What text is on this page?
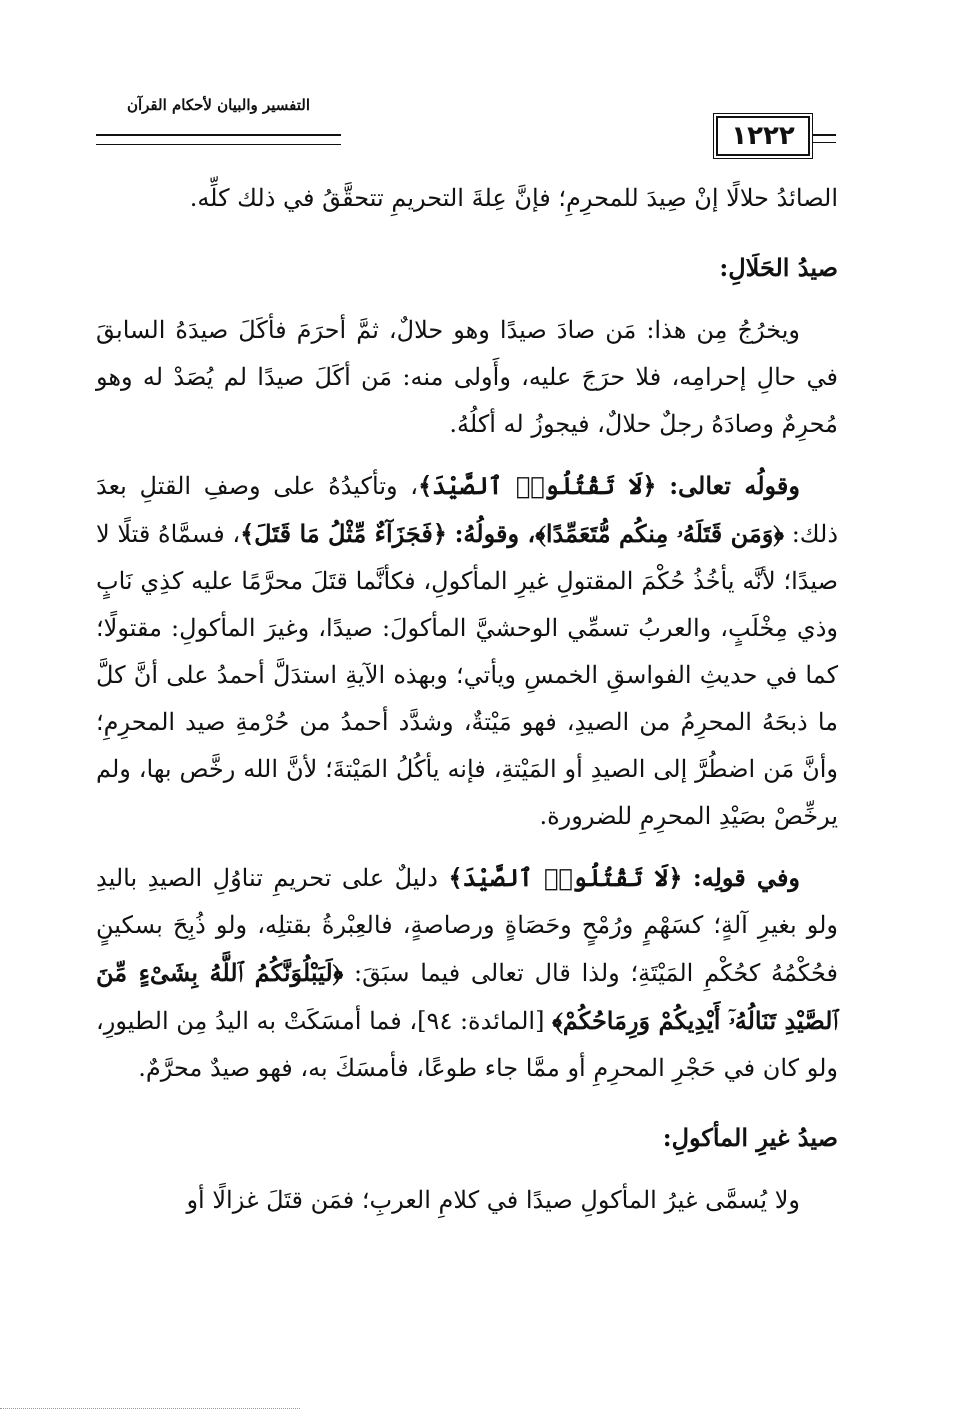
التفسير والبيان لأحكام القرآن
١٢٢٢

الصائدُ حلالًا إنْ صِيدَ للمحرِمِ؛ فإنَّ عِلةَ التحريمِ تتحقَّقُ في ذلك كلِّه.

صيدُ الحَلَالِ:

ويخرُجُ مِن هذا: مَن صادَ صيدًا وهو حلالٌ، ثمَّ أحرَمَ فأكَلَ صيدَهُ السابقَ في حالِ إحرامِه، فلا حرَجَ عليه، وأَولى منه: مَن أكَلَ صيدًا لم يُصَدْ له وهو مُحرِمٌ وصادَهُ رجلٌ حلالٌ، فيجوزُ له أكلُهُ.

وقولُه تعالى: ﴿لَا تَقْتُلُوا۟ ٱلصَّيْدَ﴾، وتأكيدُهُ على وصفِ القتلِ بعدَ ذلك: ﴿وَمَن قَتَلَهُۥ مِنكُم مُّتَعَمِّدًا﴾، وقولُهُ: ﴿فَجَزَآءٌ مِّثْلُ مَا قَتَلَ﴾، فسمَّاهُ قتلًا لا صيدًا؛ لأنَّه يأخُذُ حُكْمَ المقتولِ غيرِ المأكولِ، فكأنَّما قتَلَ محرَّمًا عليه كذِي نَابٍ وذي مِخْلَبٍ، والعربُ تسمِّي الوحشيَّ المأكولَ: صيدًا، وغيرَ المأكولِ: مقتولًا؛ كما في حديثِ الفواسقِ الخمسِ ويأتي؛ وبهذه الآيةِ استدَلَّ أحمدُ على أنَّ كلَّ ما ذبحَهُ المحرِمُ من الصيدِ، فهو مَيْتةٌ، وشدَّد أحمدُ من حُرْمةِ صيد المحرِمِ؛ وأنَّ مَن اضطُرَّ إلى الصيدِ أو المَيْتةِ، فإنه يأكُلُ المَيْتةَ؛ لأنَّ الله رخَّص بها، ولم يرخِّصْ بصَيْدِ المحرِمِ للضرورة.

وفي قولِه: ﴿لَا تَقْتُلُوا۟ ٱلصَّيْدَ﴾ دليلٌ على تحريمِ تناوُلِ الصيدِ باليدِ ولو بغيرِ آلةٍ؛ كسَهْمٍ ورُمْحٍ وحَصَاةٍ ورصاصةٍ، فالعِبْرةُ بقتلِه، ولو ذُبِحَ بسكينٍ فحُكْمُهُ كحُكْمِ المَيْتَةِ؛ ولذا قال تعالى فيما سبَقَ: ﴿لَيَبْلُوَنَّكُمُ ٱللَّهُ بِشَىْءٍ مِّنَ ٱلصَّيْدِ تَنَالُهُۥٓ أَيْدِيكُمْ وَرِمَاحُكُمْ﴾ [المائدة: ٩٤]، فما أمسَكَتْ به اليدُ مِن الطيورِ، ولو كان في حَجْرِ المحرِمِ أو ممَّا جاء طوعًا، فأمسَكَ به، فهو صيدٌ محرَّمٌ.

صيدُ غيرِ المأكولِ:

ولا يُسمَّى غيرُ المأكولِ صيدًا في كلامِ العربِ؛ فمَن قتَلَ غزالًا أو
